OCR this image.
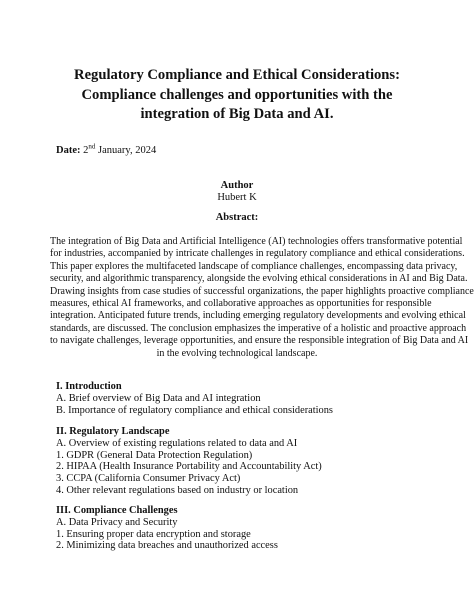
Regulatory Compliance and Ethical Considerations:
Compliance challenges and opportunities with the
integration of Big Data and AI.
Date: 2nd January, 2024
Author
Hubert K
Abstract:

The integration of Big Data and Artificial Intelligence (AI) technologies offers transformative potential
for industries, accompanied by intricate challenges in regulatory compliance and ethical considerations.
This paper explores the multifaceted landscape of compliance challenges, encompassing data privacy,
security, and algorithmic transparency, alongside the evolving ethical considerations in AI and Big Data.
Drawing insights from case studies of successful organizations, the paper highlights proactive compliance
measures, ethical AI frameworks, and collaborative approaches as opportunities for responsible
integration. Anticipated future trends, including emerging regulatory developments and evolving ethical
standards, are discussed. The conclusion emphasizes the imperative of a holistic and proactive approach
to navigate challenges, leverage opportunities, and ensure the responsible integration of Big Data and AI
in the evolving technological landscape.

I. Introduction
A. Brief overview of Big Data and AI integration
B. Importance of regulatory compliance and ethical considerations
II. Regulatory Landscape
A. Overview of existing regulations related to data and AI
1. GDPR (General Data Protection Regulation)
2. HIPAA (Health Insurance Portability and Accountability Act)
3. CCPA (California Consumer Privacy Act)
4. Other relevant regulations based on industry or location
III. Compliance Challenges
A. Data Privacy and Security
1. Ensuring proper data encryption and storage
2. Minimizing data breaches and unauthorized access
